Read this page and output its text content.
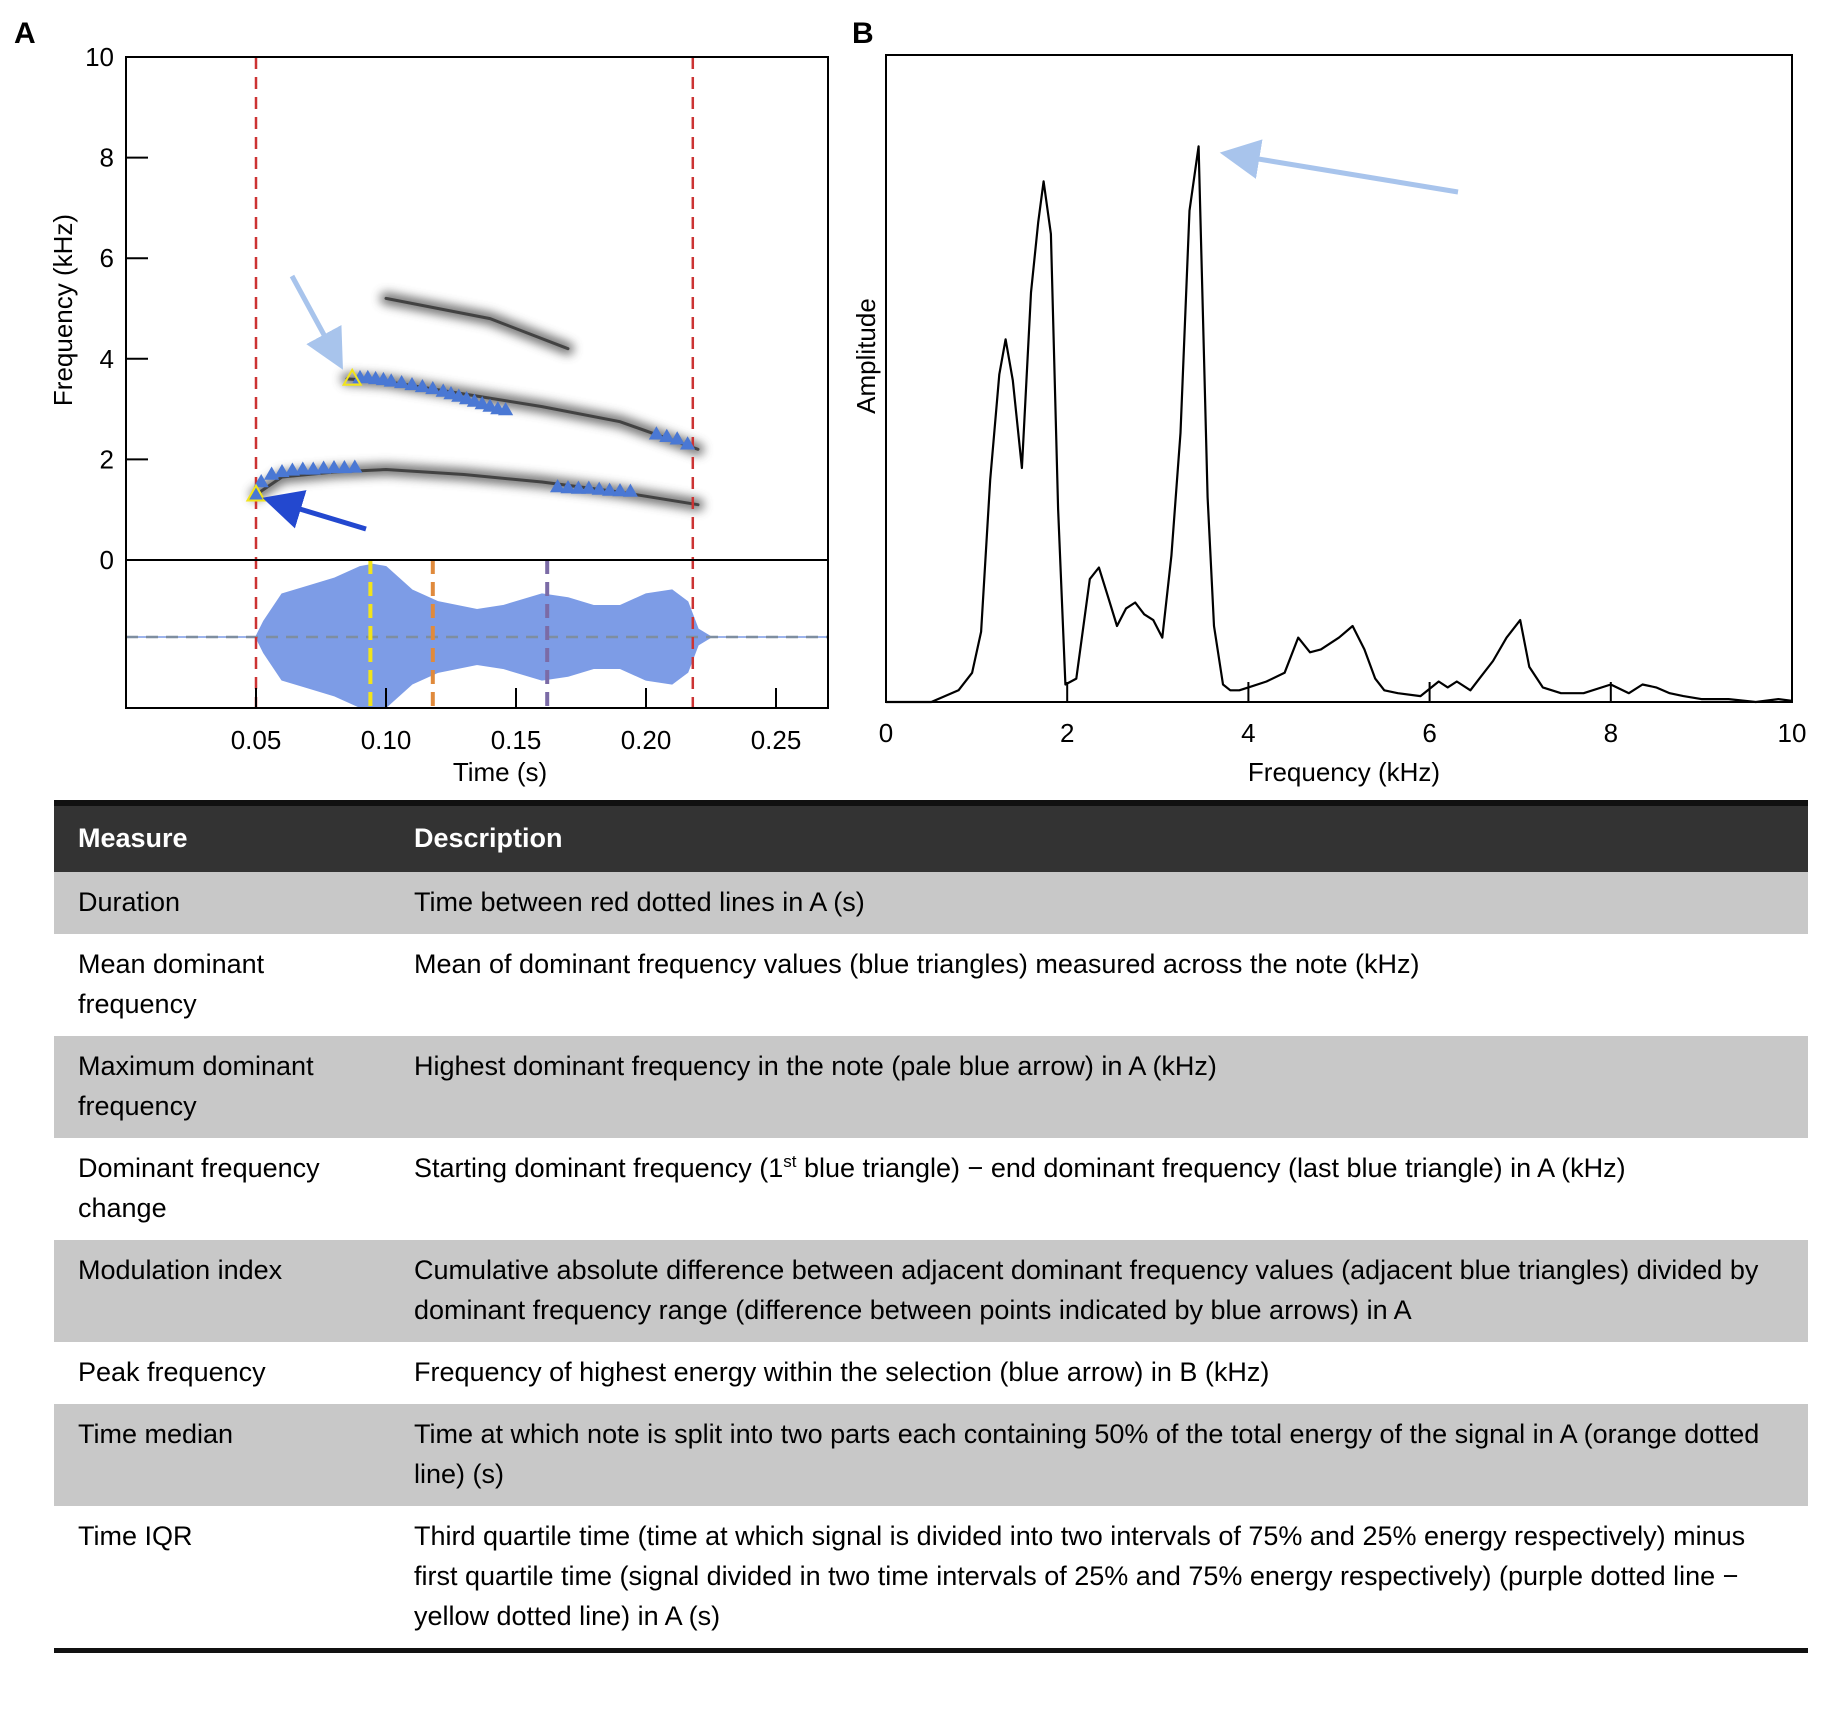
A	B
0
2
4
6
8
10
0.05	0.10	0.15	0.20	0.25
Time (s)
Frequency (kHz)
0	2	4	6	8	10
Frequency (kHz)
Amplitude
Measure	Description
Duration	Time between red dotted lines in A (s)
Mean dominant frequency	Mean of dominant frequency values (blue triangles) measured across the note (kHz)
Maximum dominant frequency	Highest dominant frequency in the note (pale blue arrow) in A (kHz)
Dominant frequency change	Starting dominant frequency (1st blue triangle) − end dominant frequency (last blue triangle) in A (kHz)
Modulation index	Cumulative absolute difference between adjacent dominant frequency values (adjacent blue triangles) divided by dominant frequency range (difference between points indicated by blue arrows) in A
Peak frequency	Frequency of highest energy within the selection (blue arrow) in B (kHz)
Time median	Time at which note is split into two parts each containing 50% of the total energy of the signal in A (orange dotted line) (s)
Time IQR	Third quartile time (time at which signal is divided into two intervals of 75% and 25% energy respectively) minus first quartile time (signal divided in two time intervals of 25% and 75% energy respectively) (purple dotted line − yellow dotted line) in A (s)
